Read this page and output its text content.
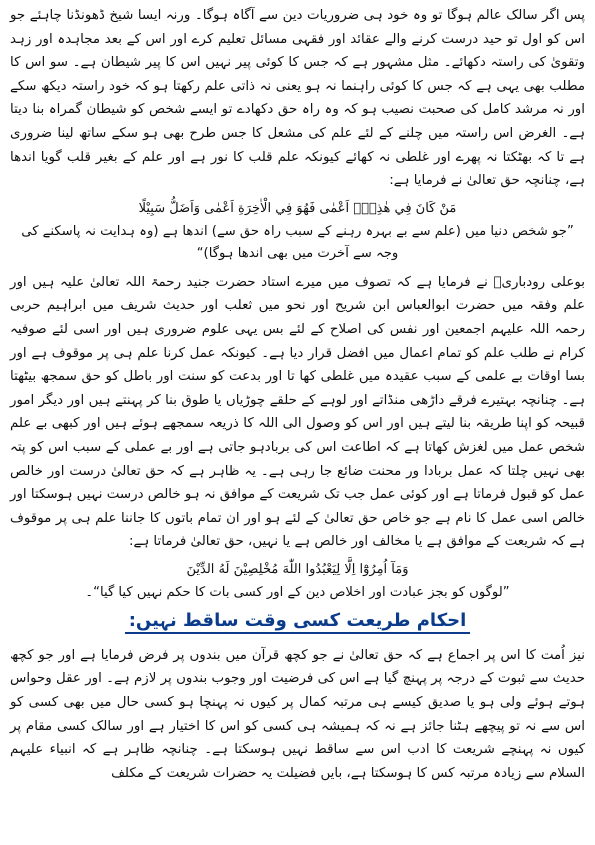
پس اگر سالک عالم ہوگا تو وہ خود ہی ضروریات دین سے آگاہ ہوگا۔ ورنہ ایسا شیخ ڈھونڈنا چاہئے جو اس کو اول تو حید درست کرنے والے عقائد اور فقہی مسائل تعلیم کرے اور اس کے بعد مجاہدہ اور زہد وتقویٰ کی راستہ دکھائے۔ مثل مشہور ہے کہ جس کا کوئی پیر نہیں اس کا پیر شیطان ہے۔ سو اس کا مطلب بھی یہی ہے کہ جس کا کوئی راہنما نہ ہو یعنی نہ ذاتی علم رکھتا ہو کہ خود راستہ دیکھ سکے اور نہ مرشد کامل کی صحبت نصیب ہو کہ وہ راہ حق دکھادے تو ایسے شخص کو شیطان گمراہ بنا دیتا ہے۔ الغرض اس راستہ میں چلنے کے لئے علم کی مشعل کا جس طرح بھی ہو سکے ساتھ لینا ضروری ہے تا کہ بھٹکتا نہ پھرے اور غلطی نہ کھائے کیونکہ علم قلب کا نور ہے اور علم کے بغیر قلب گویا اندھا ہے، چنانچہ حق تعالیٰ نے فرمایا ہے:

مَنْ كَانَ فِي هٰذِهٖٓ اَعْمٰى فَهُوَ فِي الْاٰخِرَةِ اَعْمٰى وَاَضَلُّ سَبِيْلًا

”جو شخص دنیا میں (علم سے بے بہرہ رہنے کے سبب راہ حق سے) اندھا ہے (وہ ہدایت نہ پاسکنے کی وجہ سے آخرت میں بھی اندھا ہوگا)“

بوعلی رودباریؒ نے فرمایا ہے کہ تصوف میں میرے استاد حضرت جنید رحمۃ اللہ تعالیٰ علیہ ہیں اور علم وفقہ میں حضرت ابوالعباس ابن شریح اور نحو میں ثعلب اور حدیث شریف میں ابراہیم حربی رحمہ اللہ علیہم اجمعین اور نفس کی اصلاح کے لئے بس یہی علوم ضروری ہیں اور اسی لئے صوفیہ کرام نے طلب علم کو تمام اعمال میں افضل قرار دیا ہے۔ کیونکہ عمل کرنا علم ہی پر موقوف ہے اور بسا اوقات بے علمی کے سبب عقیدہ میں غلطی کھا تا اور بدعت کو سنت اور باطل کو حق سمجھ بیٹھتا ہے۔ چنانچہ بہتیرے فرقے داڑھی منڈاتے اور لوہے کے حلقے چوڑیاں یا طوق بنا کر پہنتے ہیں اور دیگر امور قبیحہ کو اپنا طریقہ بنا لیتے ہیں اور اس کو وصول الی اللہ کا ذریعہ سمجھے ہوئے ہیں اور کبھی بے علم شخص عمل میں لغزش کھاتا ہے کہ اطاعت اس کی بربادہو جاتی ہے اور بے عملی کے سبب اس کو پتہ بھی نہیں چلتا کہ عمل بربادا ور محنت ضائع جا رہی ہے۔ یہ ظاہر ہے کہ حق تعالیٰ درست اور خالص عمل کو قبول فرماتا ہے اور کوئی عمل جب تک شریعت کے موافق نہ ہو خالص درست نہیں ہوسکتا اور خالص اسی عمل کا نام ہے جو خاص حق تعالیٰ کے لئے ہو اور ان تمام باتوں کا جاننا علم ہی پر موقوف ہے کہ شریعت کے موافق ہے یا مخالف اور خالص ہے یا نہیں، حق تعالیٰ فرماتا ہے:

وَمَآ اُمِرُوْٓا اِلَّا لِيَعْبُدُوا اللّٰهَ مُخْلِصِيْنَ لَهُ الدِّيْنَ

”لوگوں کو بجز عبادت اور اخلاص دین کے اور کسی بات کا حکم نہیں کیا گیا“۔

احکام طریعت کسی وقت ساقط نہیں:

نیز اُمت کا اس پر اجماع ہے کہ حق تعالیٰ نے جو کچھ قرآن میں بندوں پر فرض فرمایا ہے اور جو کچھ حدیث سے ثبوت کے درجہ پر پہنچ گیا ہے اس کی فرضیت اور وجوب بندوں پر لازم ہے۔ اور عقل وحواس ہوتے ہوئے ولی ہو یا صدیق کیسے ہی مرتبہ کمال پر کیوں نہ پہنچا ہو کسی حال میں بھی کسی کو اس سے نہ تو پیچھے ہٹنا جائز ہے نہ کہ ہمیشہ ہی کسی کو اس کا اختیار ہے اور سالک کسی مقام پر کیوں نہ پہنچے شریعت کا ادب اس سے ساقط نہیں ہوسکتا ہے۔ چنانچہ ظاہر ہے کہ انبیاء علیہم السلام سے زیادہ مرتبہ کس کا ہوسکتا ہے، بایں فضیلت یہ حضرات شریعت کے مکلف
